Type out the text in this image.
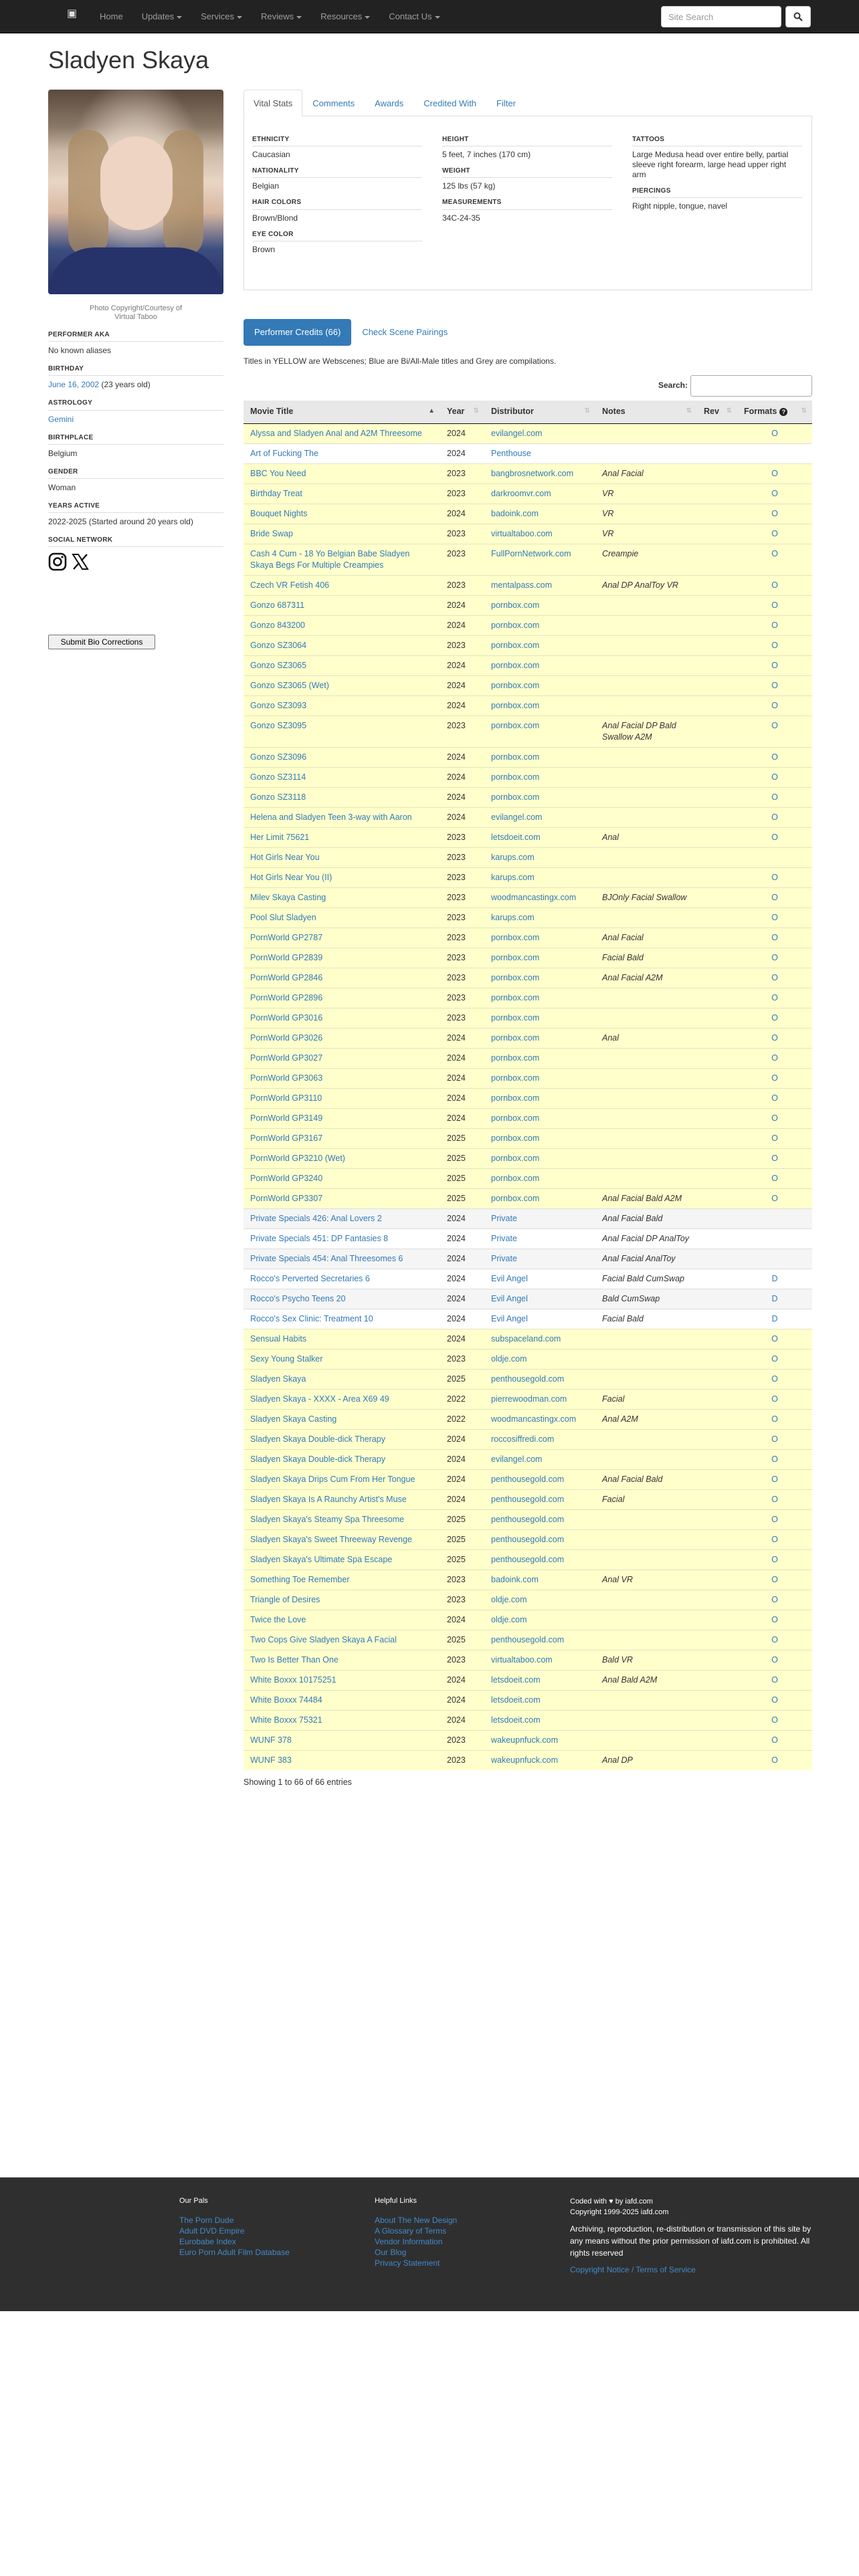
▣	Home	Updates	Services	Reviews	Resources	Contact Us
Site Search
Sladyen Skaya
Photo Copyright/Courtesy of
Virtual Taboo
PERFORMER AKA
No known aliases
BIRTHDAY
June 16, 2002 (23 years old)
ASTROLOGY
Gemini
BIRTHPLACE
Belgium
GENDER
Woman
YEARS ACTIVE
2022-2025 (Started around 20 years old)
SOCIAL NETWORK
Submit Bio Corrections
Vital Stats	Comments	Awards	Credited With	Filter
ETHNICITY
Caucasian
NATIONALITY
Belgian
HAIR COLORS
Brown/Blond
EYE COLOR
Brown
HEIGHT
5 feet, 7 inches (170 cm)
WEIGHT
125 lbs (57 kg)
MEASUREMENTS
34C-24-35
TATTOOS
Large Medusa head over entire belly, partial sleeve right forearm, large head upper right arm
PIERCINGS
Right nipple, tongue, navel
Performer Credits (66)	Check Scene Pairings
Titles in YELLOW are Webscenes; Blue are Bi/All-Male titles and Grey are compilations.
Search:
Movie Title ▲	Year ⇅	Distributor ⇅	Notes ⇅	Rev ⇅	Formats ? ⇅

Alyssa and Sladyen Anal and A2M Threesome	2024	evilangel.com			O
Art of Fucking The	2024	Penthouse			
BBC You Need	2023	bangbrosnetwork.com	Anal Facial		O
Birthday Treat	2023	darkroomvr.com	VR		O
Bouquet Nights	2024	badoink.com	VR		O
Bride Swap	2023	virtualtaboo.com	VR		O
Cash 4 Cum - 18 Yo Belgian Babe Sladyen Skaya Begs For Multiple Creampies	2023	FullPornNetwork.com	Creampie		O
Czech VR Fetish 406	2023	mentalpass.com	Anal DP AnalToy VR		O
Gonzo 687311	2024	pornbox.com			O
Gonzo 843200	2024	pornbox.com			O
Gonzo SZ3064	2023	pornbox.com			O
Gonzo SZ3065	2024	pornbox.com			O
Gonzo SZ3065 (Wet)	2024	pornbox.com			O
Gonzo SZ3093	2024	pornbox.com			O
Gonzo SZ3095	2023	pornbox.com	Anal Facial DP Bald Swallow A2M		O
Gonzo SZ3096	2024	pornbox.com			O
Gonzo SZ3114	2024	pornbox.com			O
Gonzo SZ3118	2024	pornbox.com			O
Helena and Sladyen Teen 3-way with Aaron	2024	evilangel.com			O
Her Limit 75621	2023	letsdoeit.com	Anal		O
Hot Girls Near You	2023	karups.com			
Hot Girls Near You (II)	2023	karups.com			O
Milev Skaya Casting	2023	woodmancastingx.com	BJOnly Facial Swallow		O
Pool Slut Sladyen	2023	karups.com			O
PornWorld GP2787	2023	pornbox.com	Anal Facial		O
PornWorld GP2839	2023	pornbox.com	Facial Bald		O
PornWorld GP2846	2023	pornbox.com	Anal Facial A2M		O
PornWorld GP2896	2023	pornbox.com			O
PornWorld GP3016	2023	pornbox.com			O
PornWorld GP3026	2024	pornbox.com	Anal		O
PornWorld GP3027	2024	pornbox.com			O
PornWorld GP3063	2024	pornbox.com			O
PornWorld GP3110	2024	pornbox.com			O
PornWorld GP3149	2024	pornbox.com			O
PornWorld GP3167	2025	pornbox.com			O
PornWorld GP3210 (Wet)	2025	pornbox.com			O
PornWorld GP3240	2025	pornbox.com			O
PornWorld GP3307	2025	pornbox.com	Anal Facial Bald A2M		O
Private Specials 426: Anal Lovers 2	2024	Private	Anal Facial Bald		
Private Specials 451: DP Fantasies 8	2024	Private	Anal Facial DP AnalToy		
Private Specials 454: Anal Threesomes 6	2024	Private	Anal Facial AnalToy		
Rocco's Perverted Secretaries 6	2024	Evil Angel	Facial Bald CumSwap		D
Rocco's Psycho Teens 20	2024	Evil Angel	Bald CumSwap		D
Rocco's Sex Clinic: Treatment 10	2024	Evil Angel	Facial Bald		D
Sensual Habits	2024	subspaceland.com			O
Sexy Young Stalker	2023	oldje.com			O
Sladyen Skaya	2025	penthousegold.com			O
Sladyen Skaya - XXXX - Area X69 49	2022	pierrewoodman.com	Facial		O
Sladyen Skaya Casting	2022	woodmancastingx.com	Anal A2M		O
Sladyen Skaya Double-dick Therapy	2024	roccosiffredi.com			O
Sladyen Skaya Double-dick Therapy	2024	evilangel.com			O
Sladyen Skaya Drips Cum From Her Tongue	2024	penthousegold.com	Anal Facial Bald		O
Sladyen Skaya Is A Raunchy Artist's Muse	2024	penthousegold.com	Facial		O
Sladyen Skaya's Steamy Spa Threesome	2025	penthousegold.com			O
Sladyen Skaya's Sweet Threeway Revenge	2025	penthousegold.com			O
Sladyen Skaya's Ultimate Spa Escape	2025	penthousegold.com			O
Something Toe Remember	2023	badoink.com	Anal VR		O
Triangle of Desires	2023	oldje.com			O
Twice the Love	2024	oldje.com			O
Two Cops Give Sladyen Skaya A Facial	2025	penthousegold.com			O
Two Is Better Than One	2023	virtualtaboo.com	Bald VR		O
White Boxxx 10175251	2024	letsdoeit.com	Anal Bald A2M		O
White Boxxx 74484	2024	letsdoeit.com			O
White Boxxx 75321	2024	letsdoeit.com			O
WUNF 378	2023	wakeupnfuck.com			O
WUNF 383	2023	wakeupnfuck.com	Anal DP		O
Showing 1 to 66 of 66 entries
Our Pals
The Porn Dude
Adult DVD Empire
Eurobabe Index
Euro Porn Adult Film Database
Helpful Links
About The New Design
A Glossary of Terms
Vendor Information
Our Blog
Privacy Statement
Coded with ♥ by iafd.com
Copyright 1999-2025 iafd.com
Archiving, reproduction, re-distribution or transmission of this site by any means without the prior permission of iafd.com is prohibited. All rights reserved
Copyright Notice / Terms of Service
